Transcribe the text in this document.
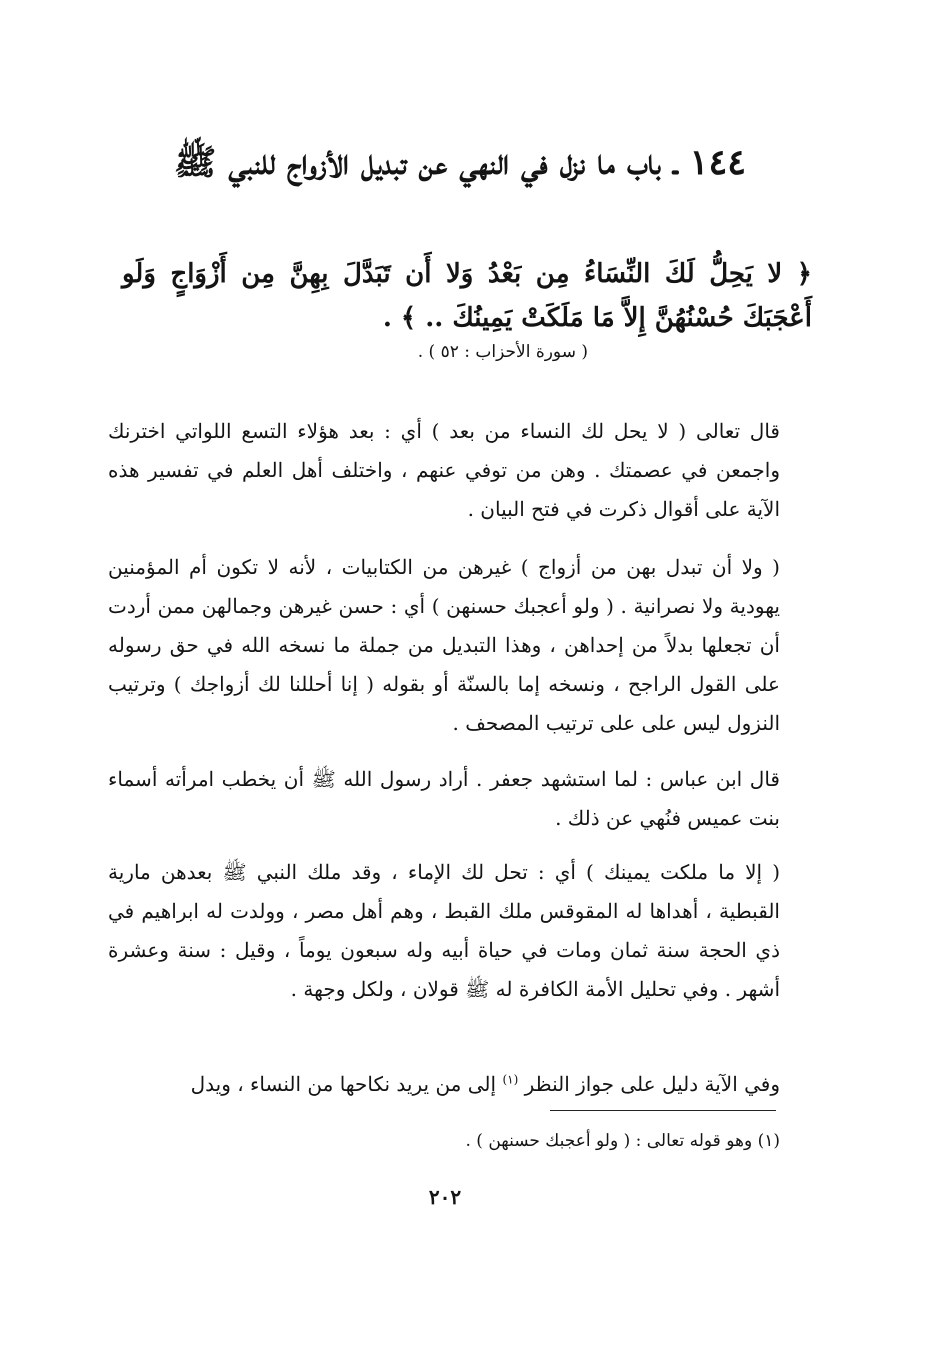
١٤٤ ـ باب ما نزل في النهي عن تبديل الأزواج للنبي ﷺ
﴿ لا يَحِلُّ لَكَ النِّسَاءُ مِن بَعْدُ وَلا أَن تَبَدَّلَ بِهِنَّ مِن أَزْوَاجٍ وَلَو أَعْجَبَكَ حُسْنُهُنَّ إِلاَّ مَا مَلَكَتْ يَمِينُكَ .. ﴾ .
( سورة الأحزاب : ٥٢ ) .

قال تعالى ( لا يحل لك النساء من بعد ) أي : بعد هؤلاء التسع اللواتي اخترنك واجمعن في عصمتك . وهن من توفي عنهم ، واختلف أهل العلم في تفسير هذه الآية على أقوال ذكرت في فتح البيان .

( ولا أن تبدل بهن من أزواج ) غيرهن من الكتابيات ، لأنه لا تكون أم المؤمنين يهودية ولا نصرانية . ( ولو أعجبك حسنهن ) أي : حسن غيرهن وجمالهن ممن أردت أن تجعلها بدلاً من إحداهن ، وهذا التبديل من جملة ما نسخه الله في حق رسوله على القول الراجح ، ونسخه إما بالسنّة أو بقوله ( إنا أحللنا لك أزواجك ) وترتيب النزول ليس على على ترتيب المصحف .

قال ابن عباس : لما استشهد جعفر . أراد رسول الله ﷺ أن يخطب امرأته أسماء بنت عميس فنُهي عن ذلك .

( إلا ما ملكت يمينك ) أي : تحل لك الإماء ، وقد ملك النبي ﷺ بعدهن مارية القبطية ، أهداها له المقوقس ملك القبط ، وهم أهل مصر ، وولدت له ابراهيم في ذي الحجة سنة ثمان ومات في حياة أبيه وله سبعون يوماً ، وقيل : سنة وعشرة أشهر . وفي تحليل الأمة الكافرة له ﷺ قولان ، ولكل وجهة .

وفي الآية دليل على جواز النظر $^{(١)}$ إلى من يريد نكاحها من النساء ، ويدل

(١) وهو قوله تعالى : ( ولو أعجبك حسنهن ) .
٢٠٢
